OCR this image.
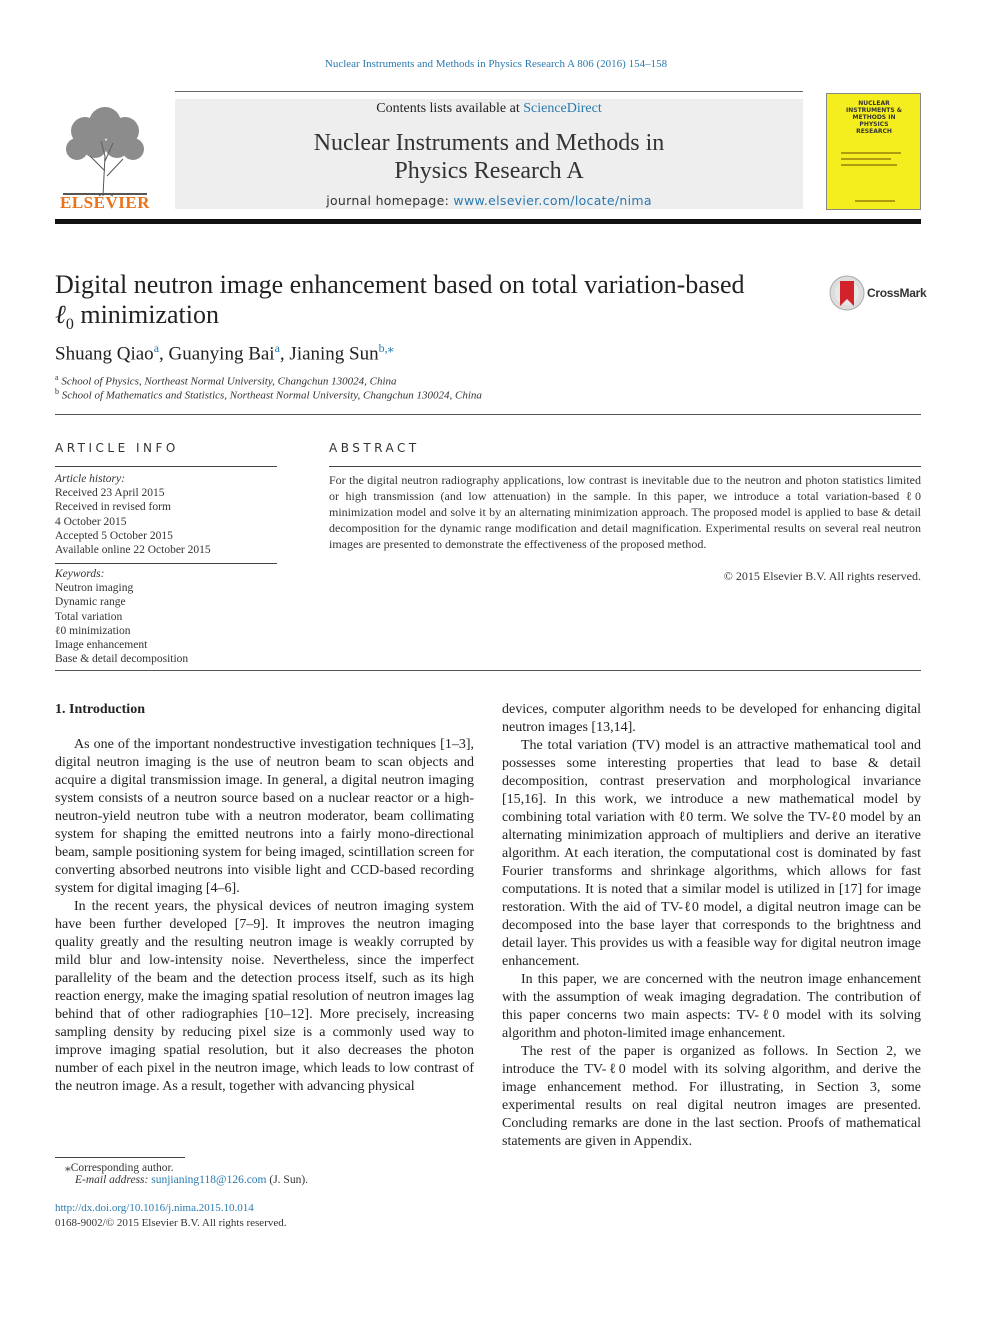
Nuclear Instruments and Methods in Physics Research A 806 (2016) 154–158
ELSEVIER
Contents lists available at ScienceDirect
Nuclear Instruments and Methods in
Physics Research A
journal homepage: www.elsevier.com/locate/nima
NUCLEAR INSTRUMENTS & METHODS IN PHYSICS RESEARCH
Digital neutron image enhancement based on total variation-based
ℓ$_0$ minimization
CrossMark
Shuang Qiao$^a$, Guanying Bai$^a$, Jianing Sun$^{b,⁎}$
$^a$ School of Physics, Northeast Normal University, Changchun 130024, China
$^b$ School of Mathematics and Statistics, Northeast Normal University, Changchun 130024, China
ARTICLE INFO	ABSTRACT
Article history:
Received 23 April 2015
Received in revised form
4 October 2015
Accepted 5 October 2015
Available online 22 October 2015
Keywords:
Neutron imaging
Dynamic range
Total variation
ℓ0 minimization
Image enhancement
Base & detail decomposition
For the digital neutron radiography applications, low contrast is inevitable due to the neutron and photon statistics limited or high transmission (and low attenuation) in the sample. In this paper, we introduce a total variation-based ℓ0 minimization model and solve it by an alternating minimization approach. The proposed model is applied to base & detail decomposition for the dynamic range modification and detail magnification. Experimental results on several real neutron images are presented to demonstrate the effectiveness of the proposed method.
© 2015 Elsevier B.V. All rights reserved.
1. Introduction

As one of the important nondestructive investigation techniques [1–3], digital neutron imaging is the use of neutron beam to scan objects and acquire a digital transmission image. In general, a digital neutron imaging system consists of a neutron source based on a nuclear reactor or a high-neutron-yield neutron tube with a neutron moderator, beam collimating system for shaping the emitted neutrons into a fairly mono-directional beam, sample positioning system for being imaged, scintillation screen for converting absorbed neutrons into visible light and CCD-based recording system for digital imaging [4–6].

In the recent years, the physical devices of neutron imaging system have been further developed [7–9]. It improves the neutron imaging quality greatly and the resulting neutron image is weakly corrupted by mild blur and low-intensity noise. Nevertheless, since the imperfect parallelity of the beam and the detection process itself, such as its high reaction energy, make the imaging spatial resolution of neutron images lag behind that of other radiographies [10–12]. More precisely, increasing sampling density by reducing pixel size is a commonly used way to improve imaging spatial resolution, but it also decreases the photon number of each pixel in the neutron image, which leads to low contrast of the neutron image. As a result, together with advancing physical

devices, computer algorithm needs to be developed for enhancing digital neutron images [13,14].

The total variation (TV) model is an attractive mathematical tool and possesses some interesting properties that lead to base & detail decomposition, contrast preservation and morphological invariance [15,16]. In this work, we introduce a new mathematical model by combining total variation with ℓ0 term. We solve the TV-ℓ0 model by an alternating minimization approach of multipliers and derive an iterative algorithm. At each iteration, the computational cost is dominated by fast Fourier transforms and shrinkage algorithms, which allows for fast computations. It is noted that a similar model is utilized in [17] for image restoration. With the aid of TV-ℓ0 model, a digital neutron image can be decomposed into the base layer that corresponds to the brightness and detail layer. This provides us with a feasible way for digital neutron image enhancement.

In this paper, we are concerned with the neutron image enhancement with the assumption of weak imaging degradation. The contribution of this paper concerns two main aspects: TV-ℓ0 model with its solving algorithm and photon-limited image enhancement.

The rest of the paper is organized as follows. In Section 2, we introduce the TV-ℓ0 model with its solving algorithm, and derive the image enhancement method. For illustrating, in Section 3, some experimental results on real digital neutron images are presented. Concluding remarks are done in the last section. Proofs of mathematical statements are given in Appendix.

⁎Corresponding author.
E-mail address: sunjianing118@126.com (J. Sun).
http://dx.doi.org/10.1016/j.nima.2015.10.014
0168-9002/© 2015 Elsevier B.V. All rights reserved.
